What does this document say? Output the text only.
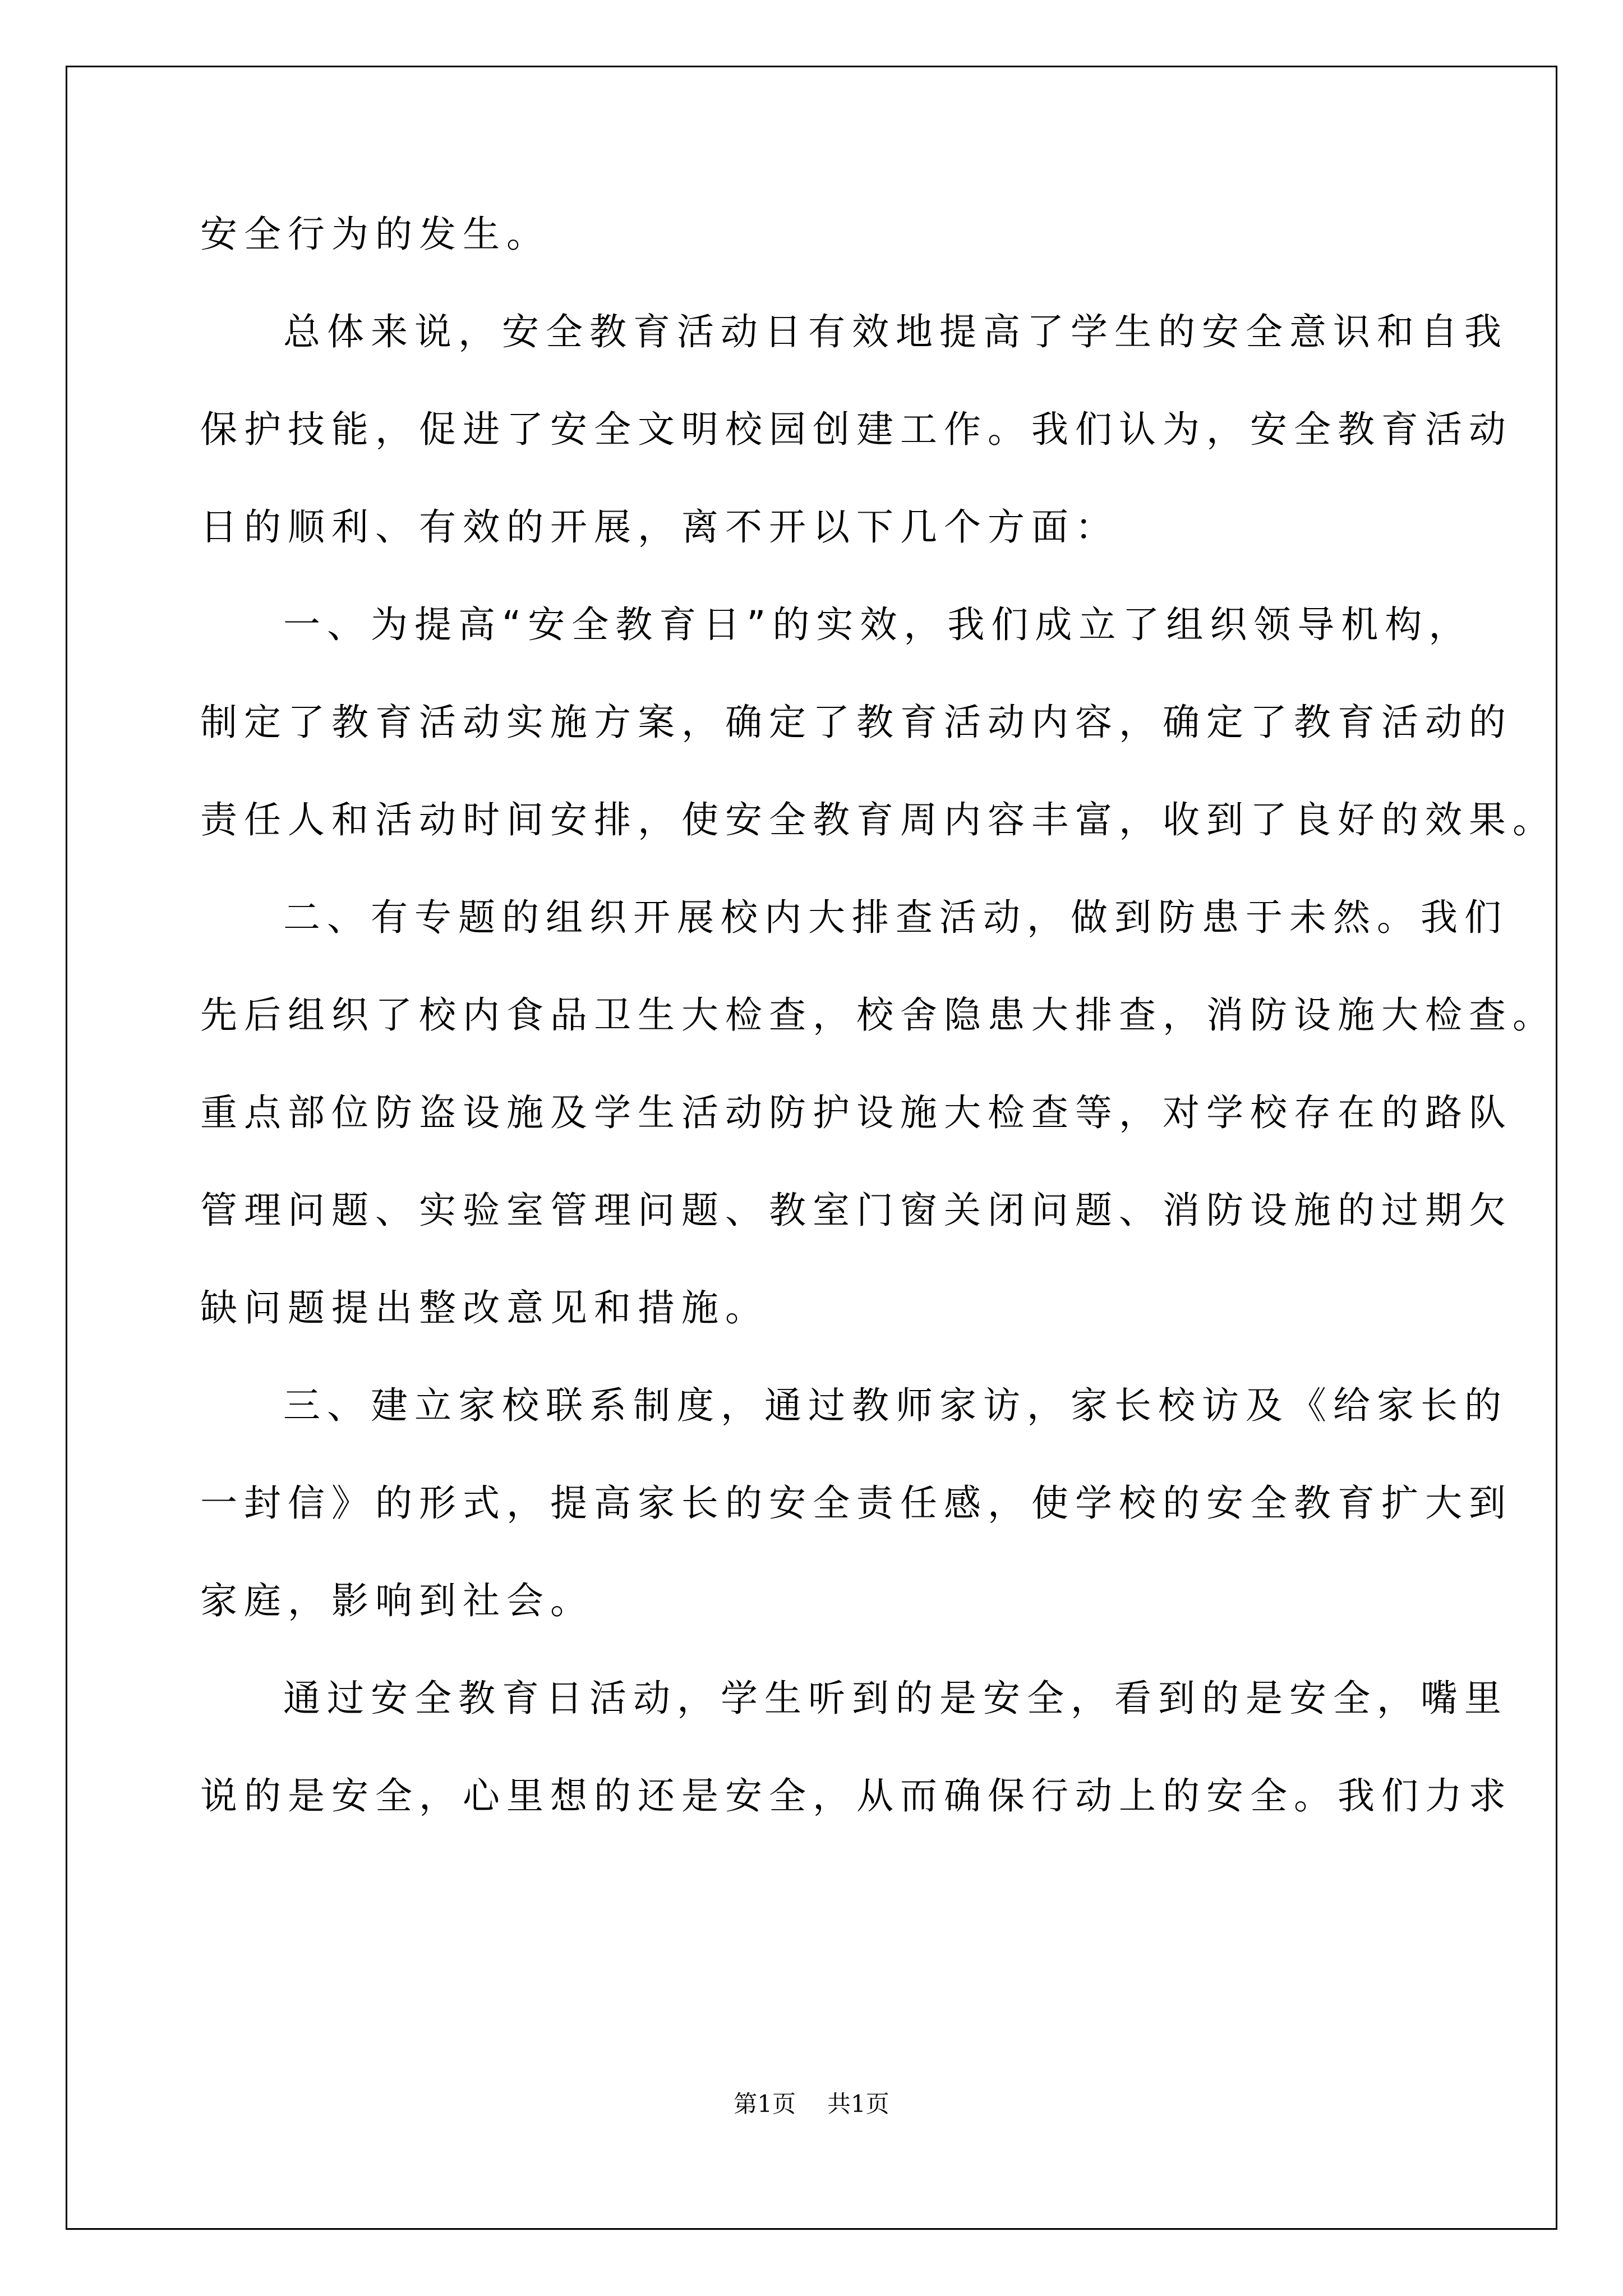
安全行为的发生。
总体来说，安全教育活动日有效地提高了学生的安全意识和自我
保护技能，促进了安全文明校园创建工作。我们认为，安全教育活动
日的顺利、有效的开展，离不开以下几个方面：
一、为提高“安全教育日”的实效，我们成立了组织领导机构，
制定了教育活动实施方案，确定了教育活动内容，确定了教育活动的
责任人和活动时间安排，使安全教育周内容丰富，收到了良好的效果。
二、有专题的组织开展校内大排查活动，做到防患于未然。我们
先后组织了校内食品卫生大检查，校舍隐患大排查，消防设施大检查。
重点部位防盗设施及学生活动防护设施大检查等，对学校存在的路队
管理问题、实验室管理问题、教室门窗关闭问题、消防设施的过期欠
缺问题提出整改意见和措施。
三、建立家校联系制度，通过教师家访，家长校访及《给家长的
一封信》的形式，提高家长的安全责任感，使学校的安全教育扩大到
家庭，影响到社会。
通过安全教育日活动，学生听到的是安全，看到的是安全，嘴里
说的是安全，心里想的还是安全，从而确保行动上的安全。我们力求
第1页 共1页
